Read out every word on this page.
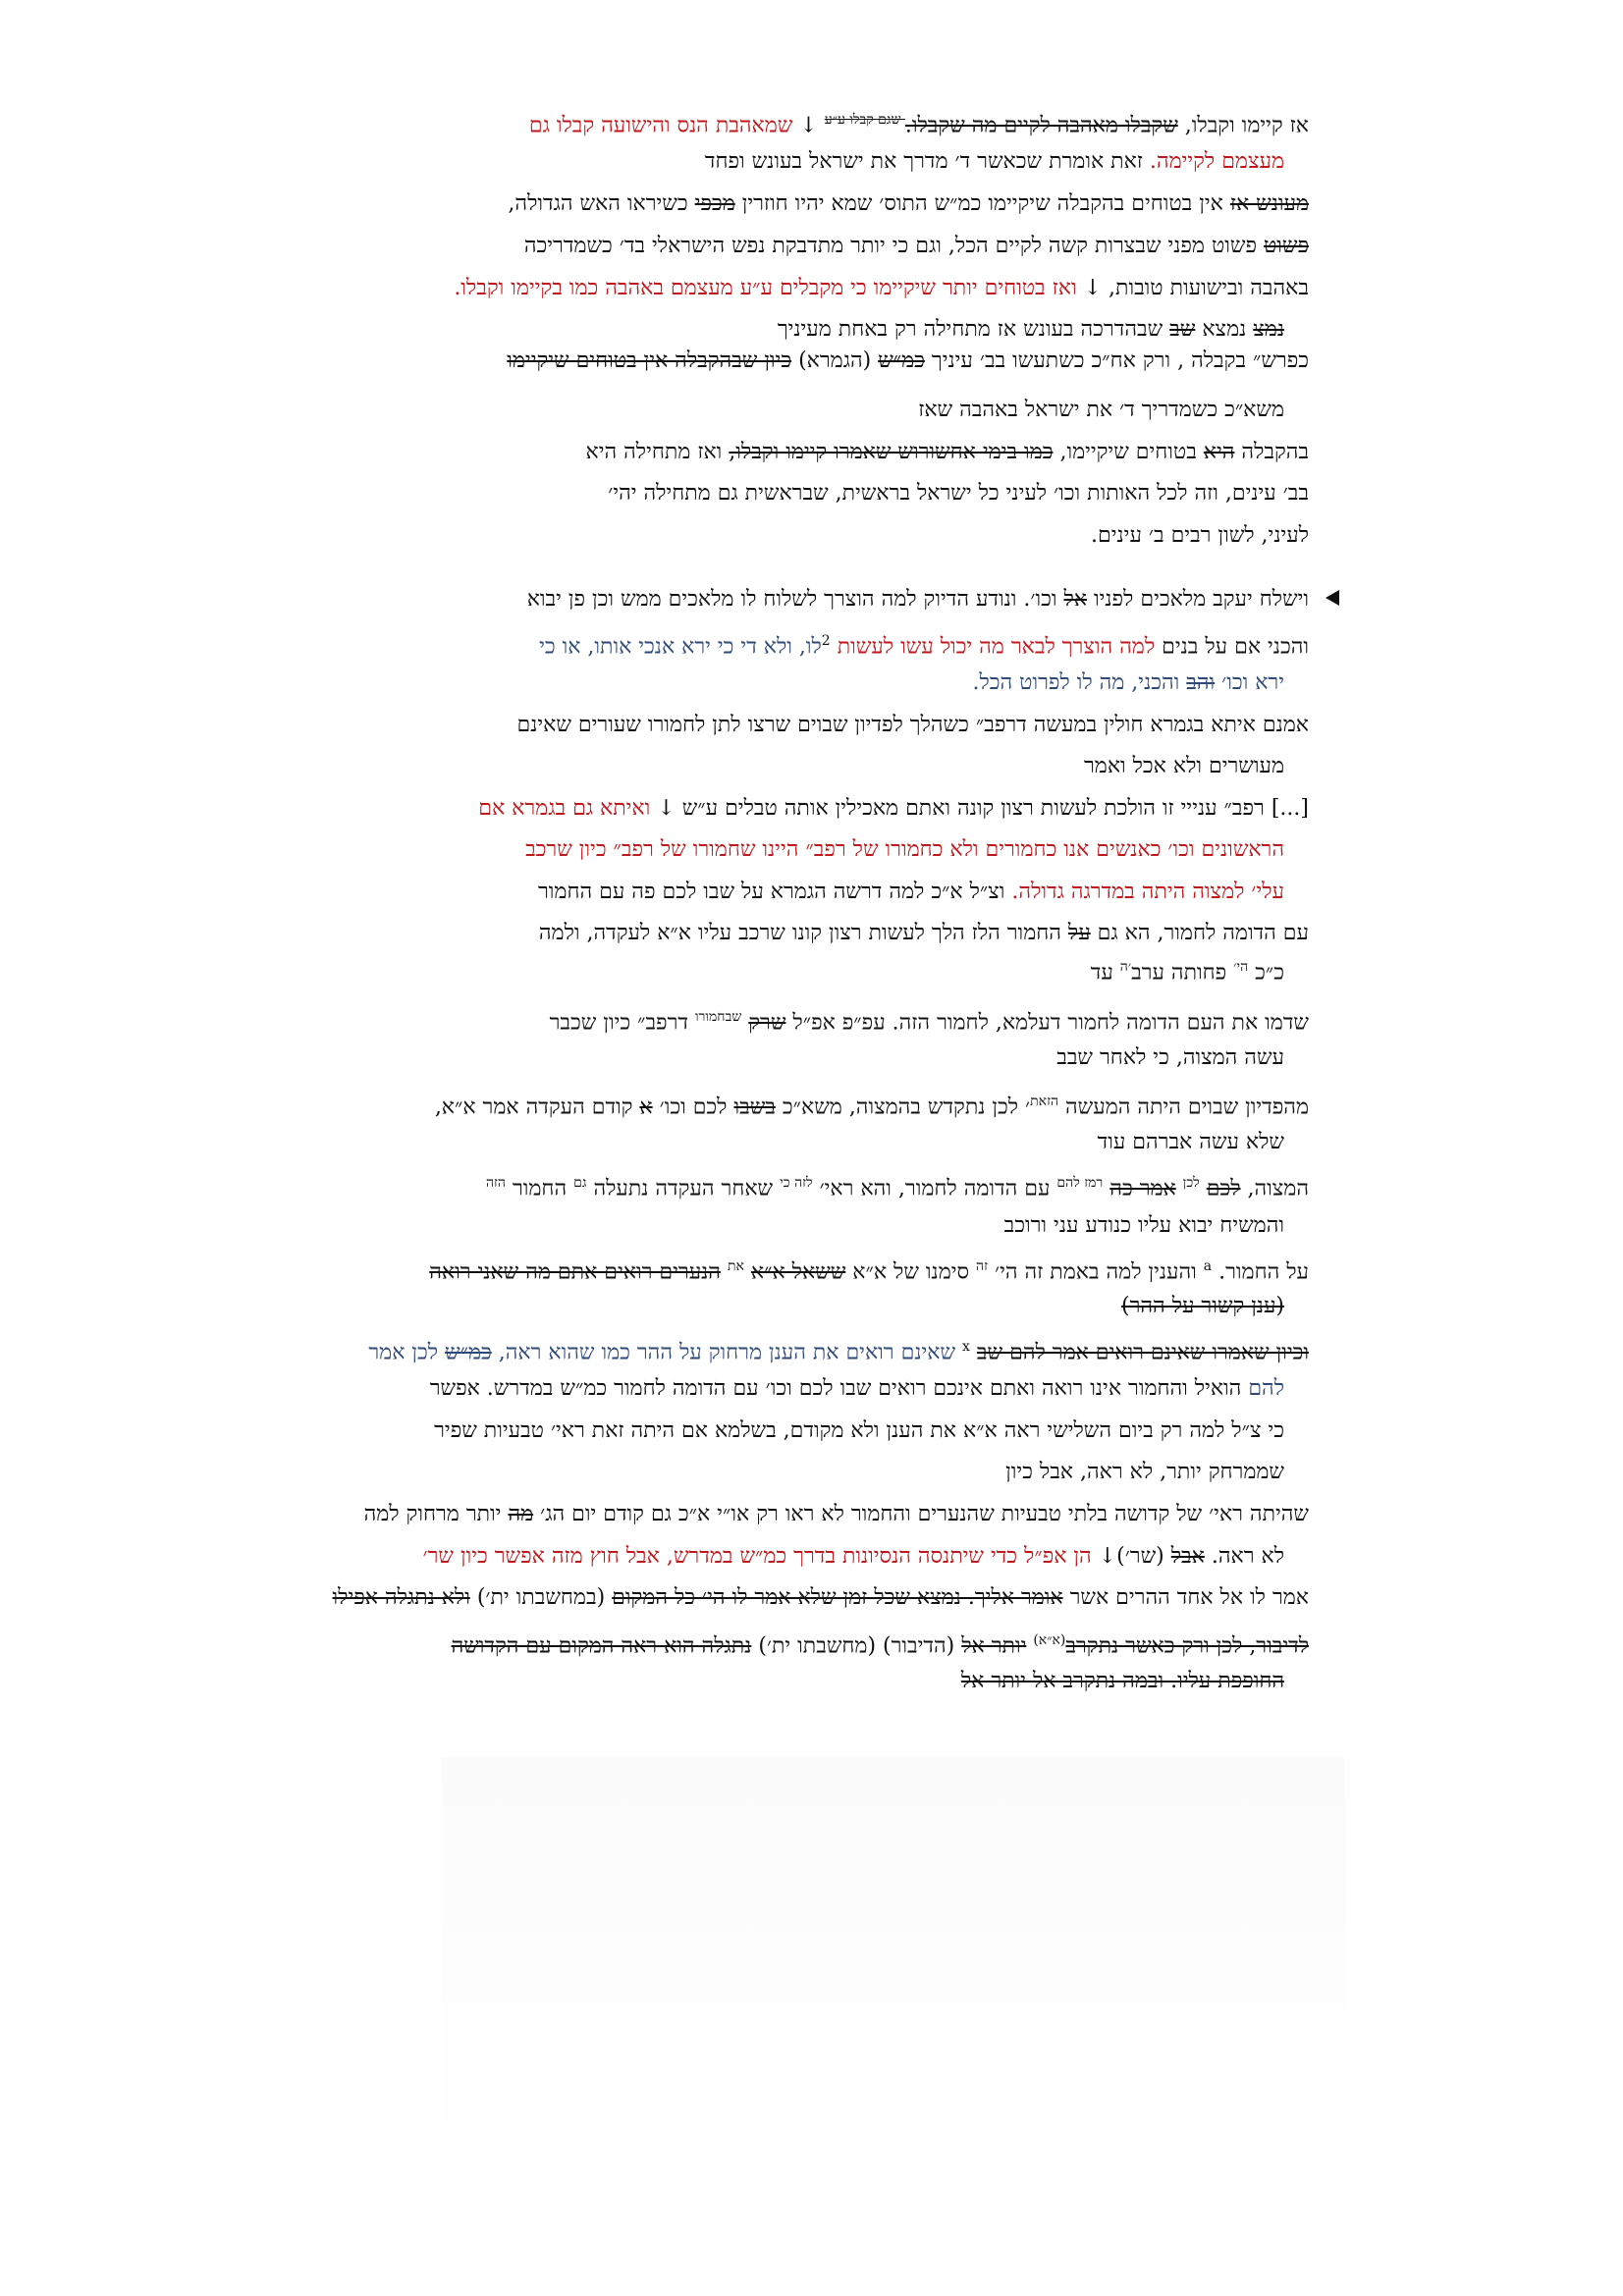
אז קיימו וקבלו, שקבלו מאהבה לקיים מה שקבלו. $^{שגם קבלו ע״ע}$ ↓ שמאהבת הנס והישועה קבלו גם
מעצמם לקיימה. זאת אומרת שכאשר ד׳ מדרך את ישראל בעונש ופחד
מעונש אז אין בטוחים בהקבלה שיקיימו כמ״ש התוס׳ שמא יהיו חוזרין מכפי כשיראו האש הגדולה,
פשוט פשוט מפני שבצרות קשה לקיים הכל, וגם כי יותר מתדבקת נפש הישראלי בד׳ כשמדריכה
באהבה ובישועות טובות, ↓ ואז בטוחים יותר שיקיימו כי מקבלים ע״ע מעצמם באהבה כמו בקיימו וקבלו.
נמצ נמצא שב שבהדרכה בעונש אז מתחילה רק באחת מעיניך
כפרש״ בקבלה , ורק אח״כ כשתעשו בב׳ עיניך כמ״ש (הגמרא) כיון שבהקבלה אין בטוחים שיקיימו
משא״כ כשמדריך ד׳ את ישראל באהבה שאז
בהקבלה היא בטוחים שיקיימו, כמו בימי אחשורוש שאמרו קיימו וקבלו, ואז מתחילה היא
בב׳ עינים, וזה לכל האותות וכו׳ לעיני כל ישראל בראשית, שבראשית גם מתחילה יהי׳
לעיני, לשון רבים ב׳ עינים.
וישלח יעקב מלאכים לפניו אל וכו׳. ונודע הדיוק למה הוצרך לשלוח לו מלאכים ממש וכן פן יבוא
והכני אם על בנים למה הוצרך לבאר מה יכול עשו לעשות $^2$לו, ולא די כי ירא אנכי אותו, או כי
ירא וכו׳ והב והכני, מה לו לפרוט הכל.
אמנם איתא בגמרא חולין במעשה דרפב״ כשהלך לפדיון שבוים שרצו לתן לחמורו שעורים שאינם
מעושרים ולא אכל ואמר
[...] רפב״ ענייי זו הולכת לעשות רצון קונה ואתם מאכילין אותה טבלים ע״ש ↓ ואיתא גם בגמרא אם
הראשונים וכו׳ כאנשים אנו כחמורים ולא כחמורו של רפב״ היינו שחמורו של רפב״ כיון שרכב
עלי׳ למצוה היתה במדרגה גדולה. וצ״ל א״כ למה דרשה הגמרא על שבו לכם פה עם החמור
עם הדומה לחמור, הא גם על החמור הלז הלך לעשות רצון קונו שרכב עליו א״א לעקדה, ולמה
כ״כ $^{הי׳}$ פחותה ערב$^{׳ה}$ עד
שדמו את העם הדומה לחמור דעלמא, לחמור הזה. עפ״פ אפ״ל שרק $^{שבחמורו}$ דרפב״ כיון שכבר
עשה המצוה, כי לאחר שבב
מהפדיון שבוים היתה המעשה $^{הזאת}$׳ לכן נתקדש בהמצוה, משא״כ בשבו לכם וכו׳ א קודם העקדה אמר א״א,
שלא עשה אברהם עוד
המצוה, לכם $^{לכן}$ אמר כה $^{רמז להם}$ עם הדומה לחמור, והא ראי׳ $^{לזה כי}$ שאחר העקדה נתעלה $^{גם}$ החמור $^{הזה}$
והמשיח יבוא עליו כנודע עני ורוכב
על החמור. $^a$ והענין למה באמת זה הי׳ $^{זה}$ סימנו של א״א ששאל א״א $^{את}$ הנערים רואים אתם מה שאני רואה
(ענן קשור על ההר)
וכיון שאמרו שאינם רואים אמר להם שב $^x$ שאינם רואים את הענן מרחוק על ההר כמו שהוא ראה, כמ״ש לכן אמר
להם הואיל והחמור אינו רואה ואתם אינכם רואים שבו לכם וכו׳ עם הדומה לחמור כמ״ש במדרש. אפשר
כי צ״ל למה רק ביום השלישי ראה א״א את הענן ולא מקודם, בשלמא אם היתה זאת ראי׳ טבעיות שפיר
שממרחק יותר, לא ראה, אבל כיון
שהיתה ראי׳ של קדושה בלתי טבעיות שהנערים והחמור לא ראו רק או״י א״כ גם קודם יום הג׳ מה יותר מרחוק למה
לא ראה. אבל (שר׳)↓ הן אפ״ל כדי שיתנסה הנסיונות בדרך כמ״ש במדרש, אבל חוץ מזה אפשר כיון שר׳
אמר לו אל אחד ההרים אשר אומר אליך. נמצא שכל זמן שלא אמר לו הי׳ כל המקום (במחשבתו ית׳) ולא נתגלה אפילו
לדיבור, לכן ורק כאשר נתקרב$^{(א״א)}$ יותר אל (הדיבור) (מחשבתו ית׳) נתגלה הוא ראה המקום עם הקדושה
החופפת עליו. ובמה נתקרב אל יותר אל
